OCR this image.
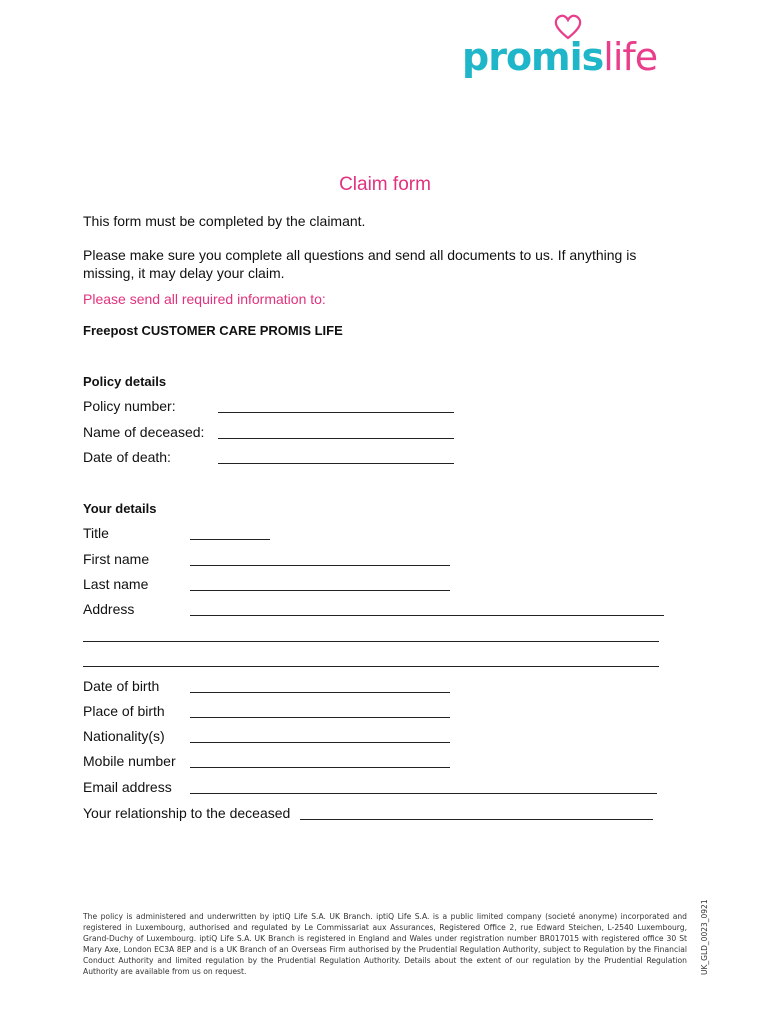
promislife
Claim form

This form must be completed by the claimant.

Please make sure you complete all questions and send all documents to us. If anything is missing, it may delay your claim.

Please send all required information to:

Freepost CUSTOMER CARE PROMIS LIFE

Policy details

Policy number:
Name of deceased:
Date of death:

Your details

Title
First name
Last name
Address
Date of birth
Place of birth
Nationality(s)
Mobile number
Email address
Your relationship to the deceased
The policy is administered and underwritten by iptiQ Life S.A. UK Branch. iptiQ Life S.A. is a public limited company (societé anonyme) incorporated and registered in Luxembourg, authorised and regulated by Le Commissariat aux Assurances, Registered Office 2, rue Edward Steichen, L-2540 Luxembourg, Grand-Duchy of Luxembourg. iptiQ Life S.A. UK Branch is registered in England and Wales under registration number BR017015 with registered office 30 St Mary Axe, London EC3A 8EP and is a UK Branch of an Overseas Firm authorised by the Prudential Regulation Authority, subject to Regulation by the Financial Conduct Authority and limited regulation by the Prudential Regulation Authority. Details about the extent of our regulation by the Prudential Regulation Authority are available from us on request.	UK_GLD_0023_0921
